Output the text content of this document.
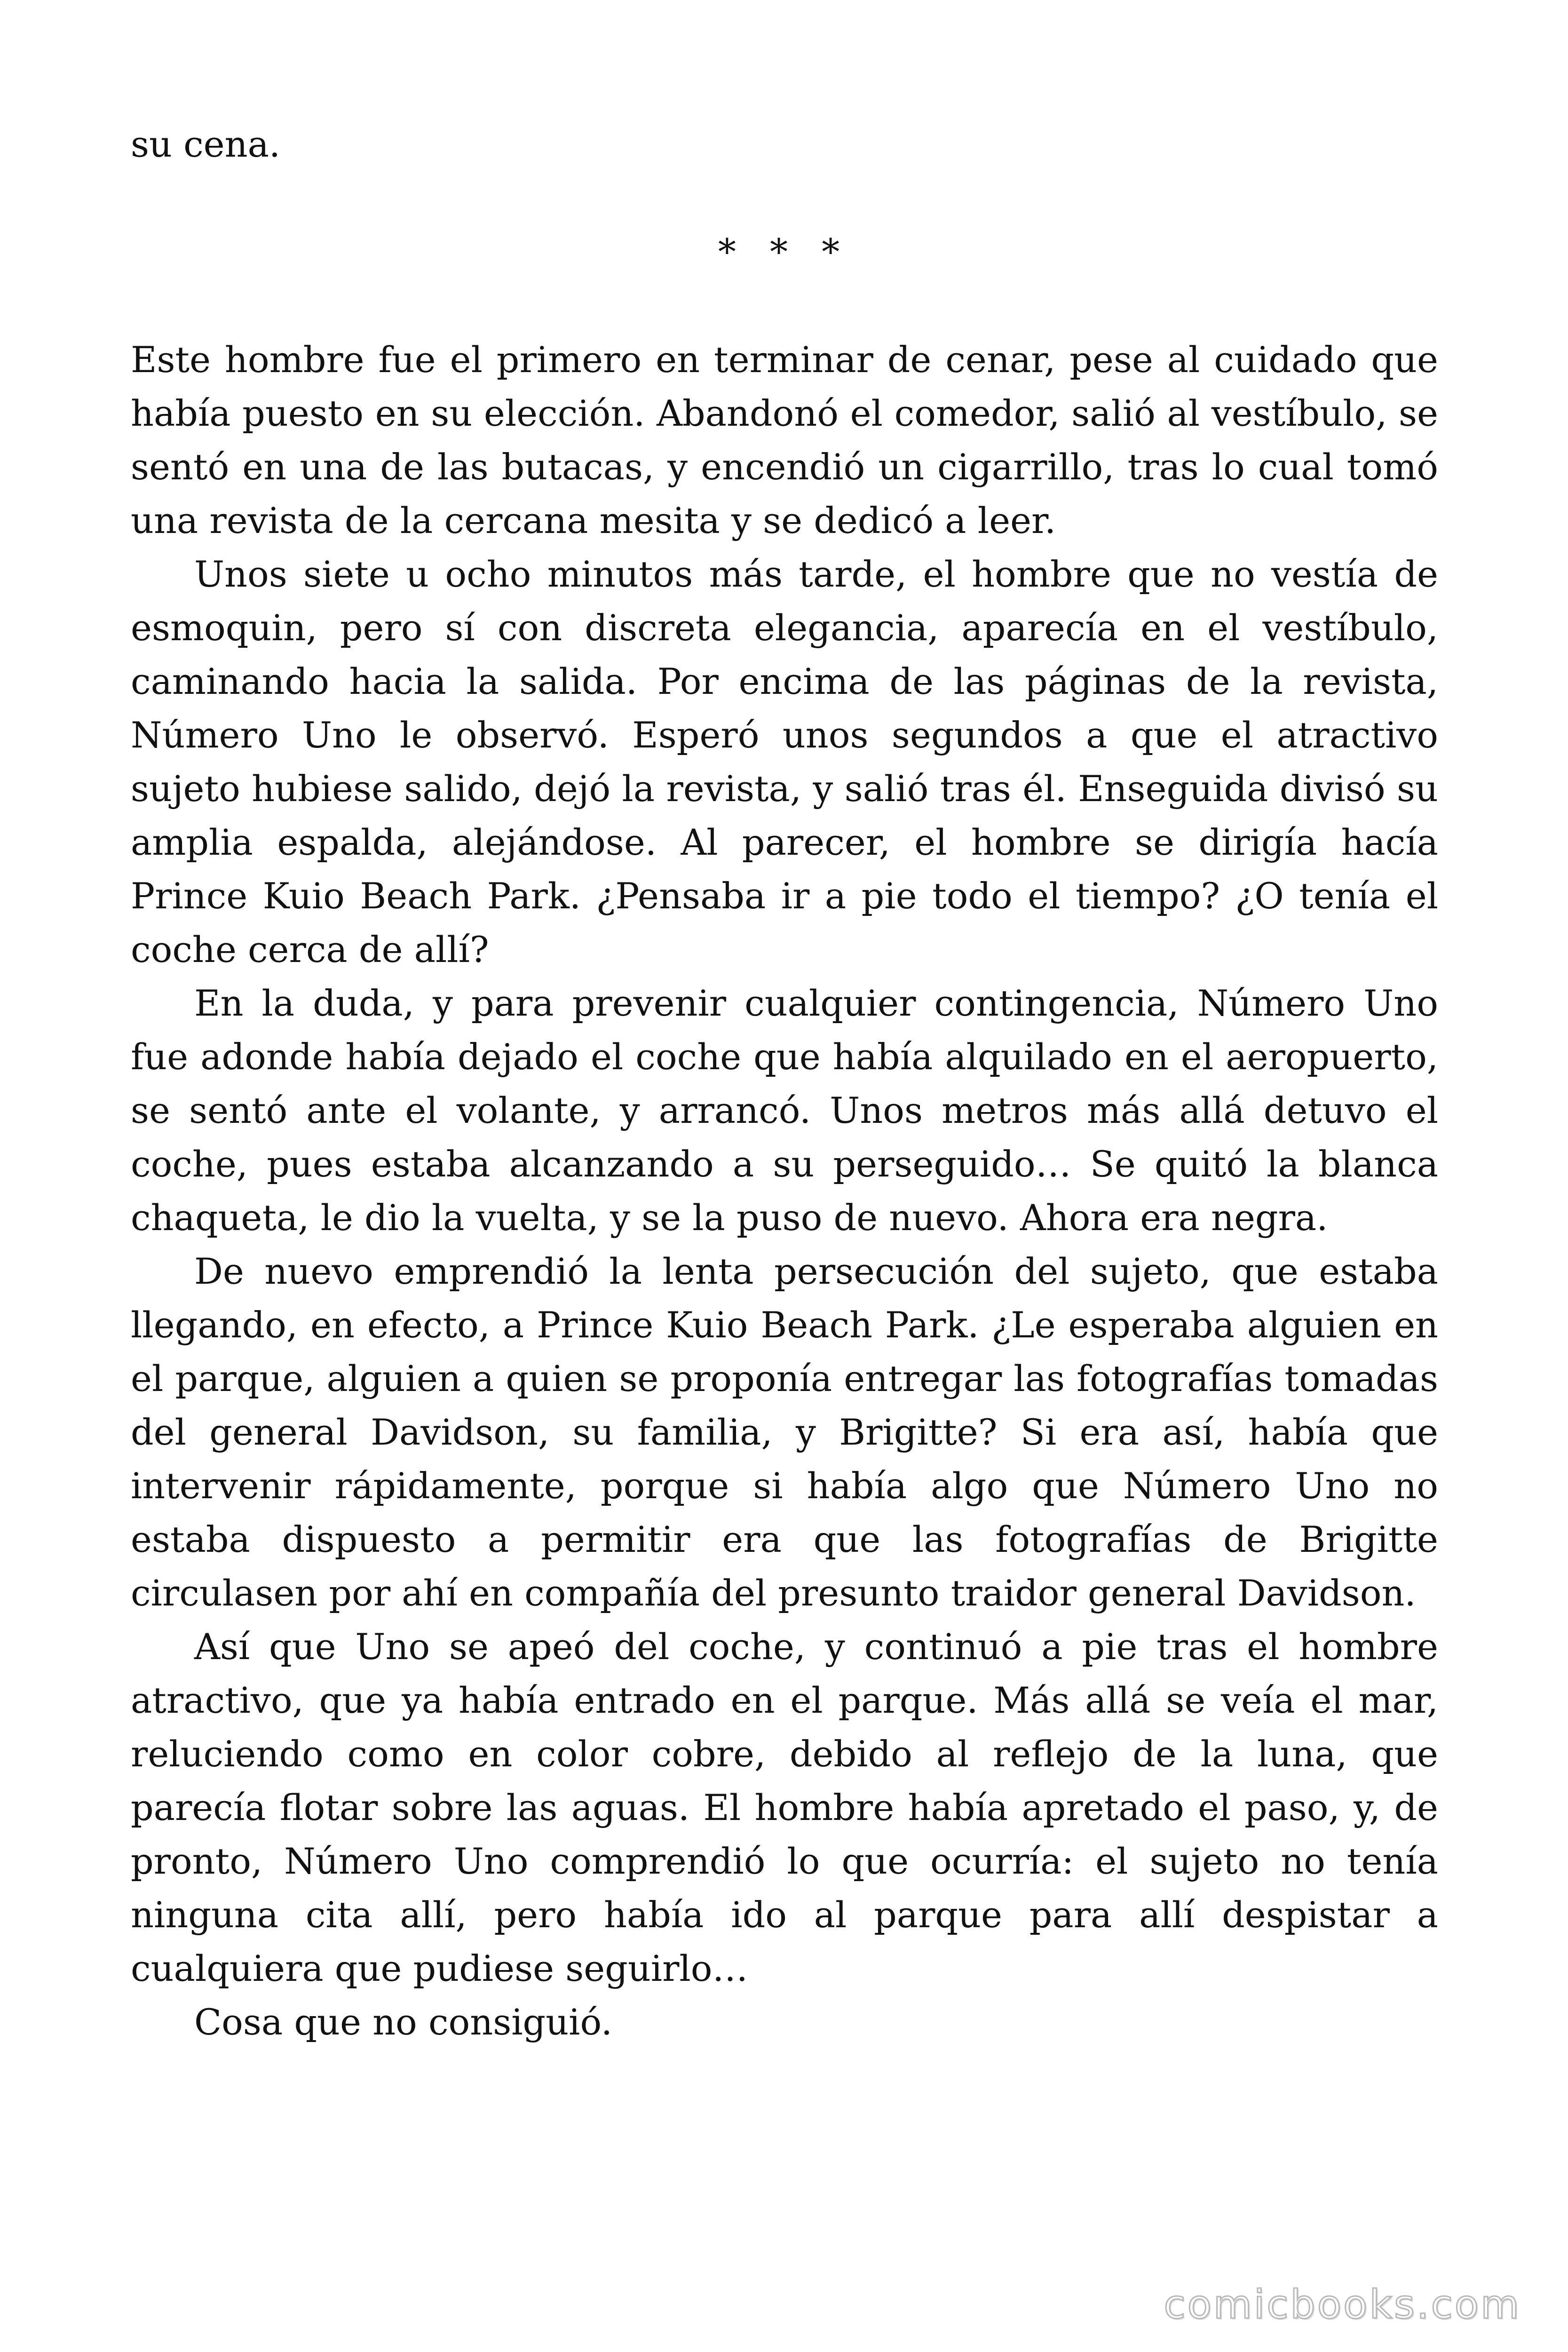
su cena.

* * *

Este hombre fue el primero en terminar de cenar, pese al cuidado que había puesto en su elección. Abandonó el comedor, salió al vestíbulo, se sentó en una de las butacas, y encendió un cigarrillo, tras lo cual tomó una revista de la cercana mesita y se dedicó a leer.

Unos siete u ocho minutos más tarde, el hombre que no vestía de esmoquin, pero sí con discreta elegancia, aparecía en el vestíbulo, caminando hacia la salida. Por encima de las páginas de la revista, Número Uno le observó. Esperó unos segundos a que el atractivo sujeto hubiese salido, dejó la revista, y salió tras él. Enseguida divisó su amplia espalda, alejándose. Al parecer, el hombre se dirigía hacía Prince Kuio Beach Park. ¿Pensaba ir a pie todo el tiempo? ¿O tenía el coche cerca de allí?

En la duda, y para prevenir cualquier contingencia, Número Uno fue adonde había dejado el coche que había alquilado en el aeropuerto, se sentó ante el volante, y arrancó. Unos metros más allá detuvo el coche, pues estaba alcanzando a su perseguido… Se quitó la blanca chaqueta, le dio la vuelta, y se la puso de nuevo. Ahora era negra.

De nuevo emprendió la lenta persecución del sujeto, que estaba llegando, en efecto, a Prince Kuio Beach Park. ¿Le esperaba alguien en el parque, alguien a quien se proponía entregar las fotografías tomadas del general Davidson, su familia, y Brigitte? Si era así, había que intervenir rápidamente, porque si había algo que Número Uno no estaba dispuesto a permitir era que las fotografías de Brigitte circulasen por ahí en compañía del presunto traidor general Davidson.

Así que Uno se apeó del coche, y continuó a pie tras el hombre atractivo, que ya había entrado en el parque. Más allá se veía el mar, reluciendo como en color cobre, debido al reflejo de la luna, que parecía flotar sobre las aguas. El hombre había apretado el paso, y, de pronto, Número Uno comprendió lo que ocurría: el sujeto no tenía ninguna cita allí, pero había ido al parque para allí despistar a cualquiera que pudiese seguirlo…

Cosa que no consiguió.

comicbooks.com
